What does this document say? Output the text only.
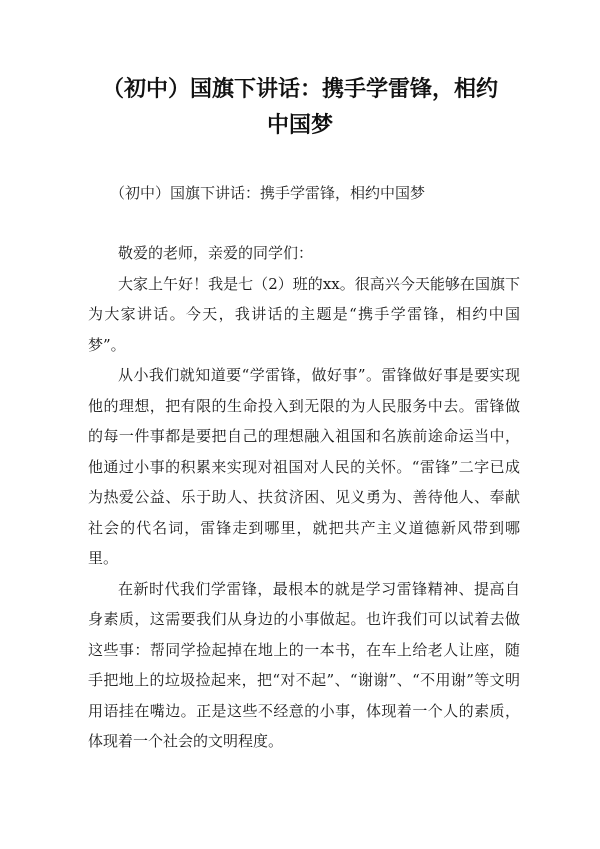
（初中）国旗下讲话：携手学雷锋，相约
中国梦

（初中）国旗下讲话：携手学雷锋，相约中国梦

敬爱的老师，亲爱的同学们：

大家上午好！我是七（2）班的xx。很高兴今天能够在国旗下为大家讲话。今天，我讲话的主题是“携手学雷锋，相约中国梦”。

从小我们就知道要“学雷锋，做好事”。雷锋做好事是要实现他的理想，把有限的生命投入到无限的为人民服务中去。雷锋做的每一件事都是要把自己的理想融入祖国和名族前途命运当中，他通过小事的积累来实现对祖国对人民的关怀。“雷锋”二字已成为热爱公益、乐于助人、扶贫济困、见义勇为、善待他人、奉献社会的代名词，雷锋走到哪里，就把共产主义道德新风带到哪里。

在新时代我们学雷锋，最根本的就是学习雷锋精神、提高自身素质，这需要我们从身边的小事做起。也许我们可以试着去做这些事：帮同学捡起掉在地上的一本书，在车上给老人让座，随手把地上的垃圾捡起来，把“对不起”、“谢谢”、“不用谢”等文明用语挂在嘴边。正是这些不经意的小事，体现着一个人的素质，体现着一个社会的文明程度。
